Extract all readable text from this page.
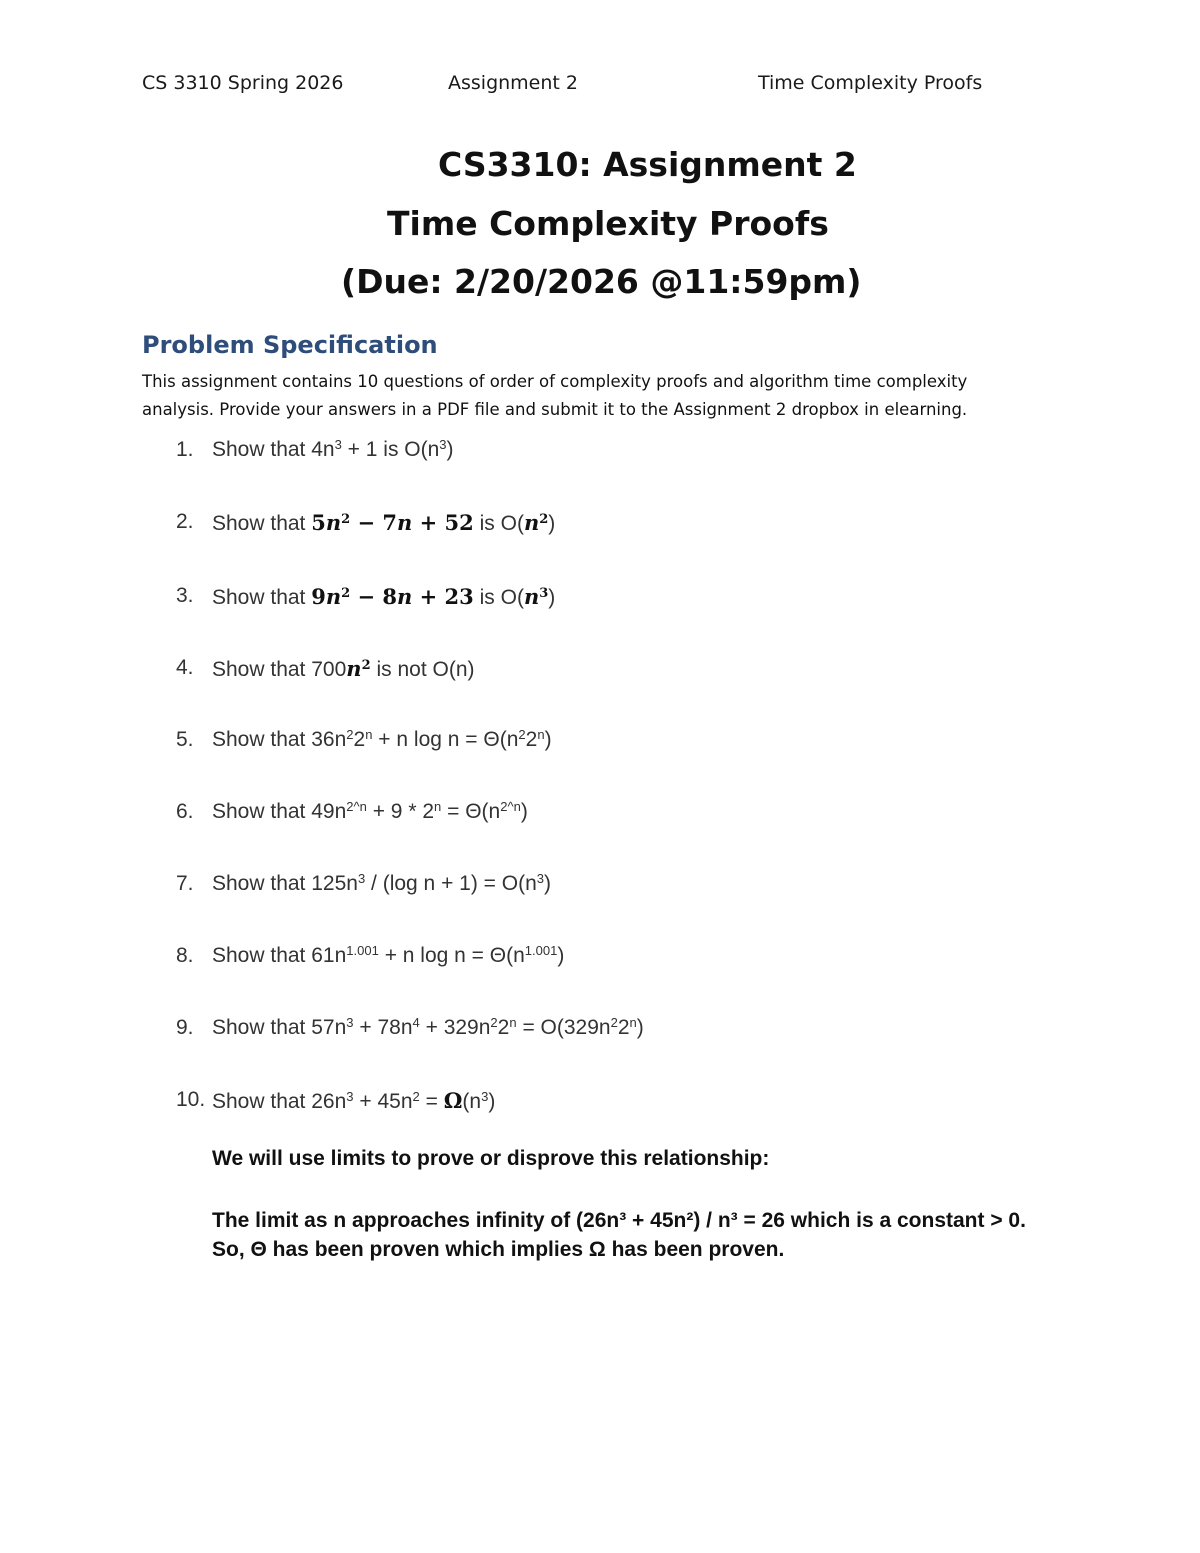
CS 3310 Spring 2026	Assignment 2	Time Complexity Proofs
CS3310: Assignment 2
Time Complexity Proofs
(Due: 2/20/2026 @11:59pm)
Problem Specification
This assignment contains 10 questions of order of complexity proofs and algorithm time complexity analysis. Provide your answers in a PDF file and submit it to the Assignment 2 dropbox in elearning.
1. Show that $4n^3 + 1$ is $O(n^3)$
2. Show that $5n^2 - 7n + 52$ is $O(n^2)$
3. Show that $9n^2 - 8n + 23$ is $O(n^3)$
4. Show that $700n^2$ is not O(n)
5. Show that $36n^22^n + n$ $\log n = \Theta(n^22^n)$
6. Show that $49n^{2\^{}n} + 9 * 2^n = \Theta(n^{2\^{}n})$
7. Show that $125n^3 / (\log$ $n + 1) = O(n^3)$
8. Show that $61n^{1.001} + n$ $\log n = \Theta(n^{1.001})$
9. Show that $57n^3 + 78n^4 + 329n^22^n = O(329n^22^n)$
10. Show that $26n^3 + 45n^2 = \Omega(n^3)$
We will use limits to prove or disprove this relationship:
The limit as n approaches infinity of (26n³ + 45n²) / n³ = 26 which is a constant > 0. So, Θ has been proven which implies Ω has been proven.
